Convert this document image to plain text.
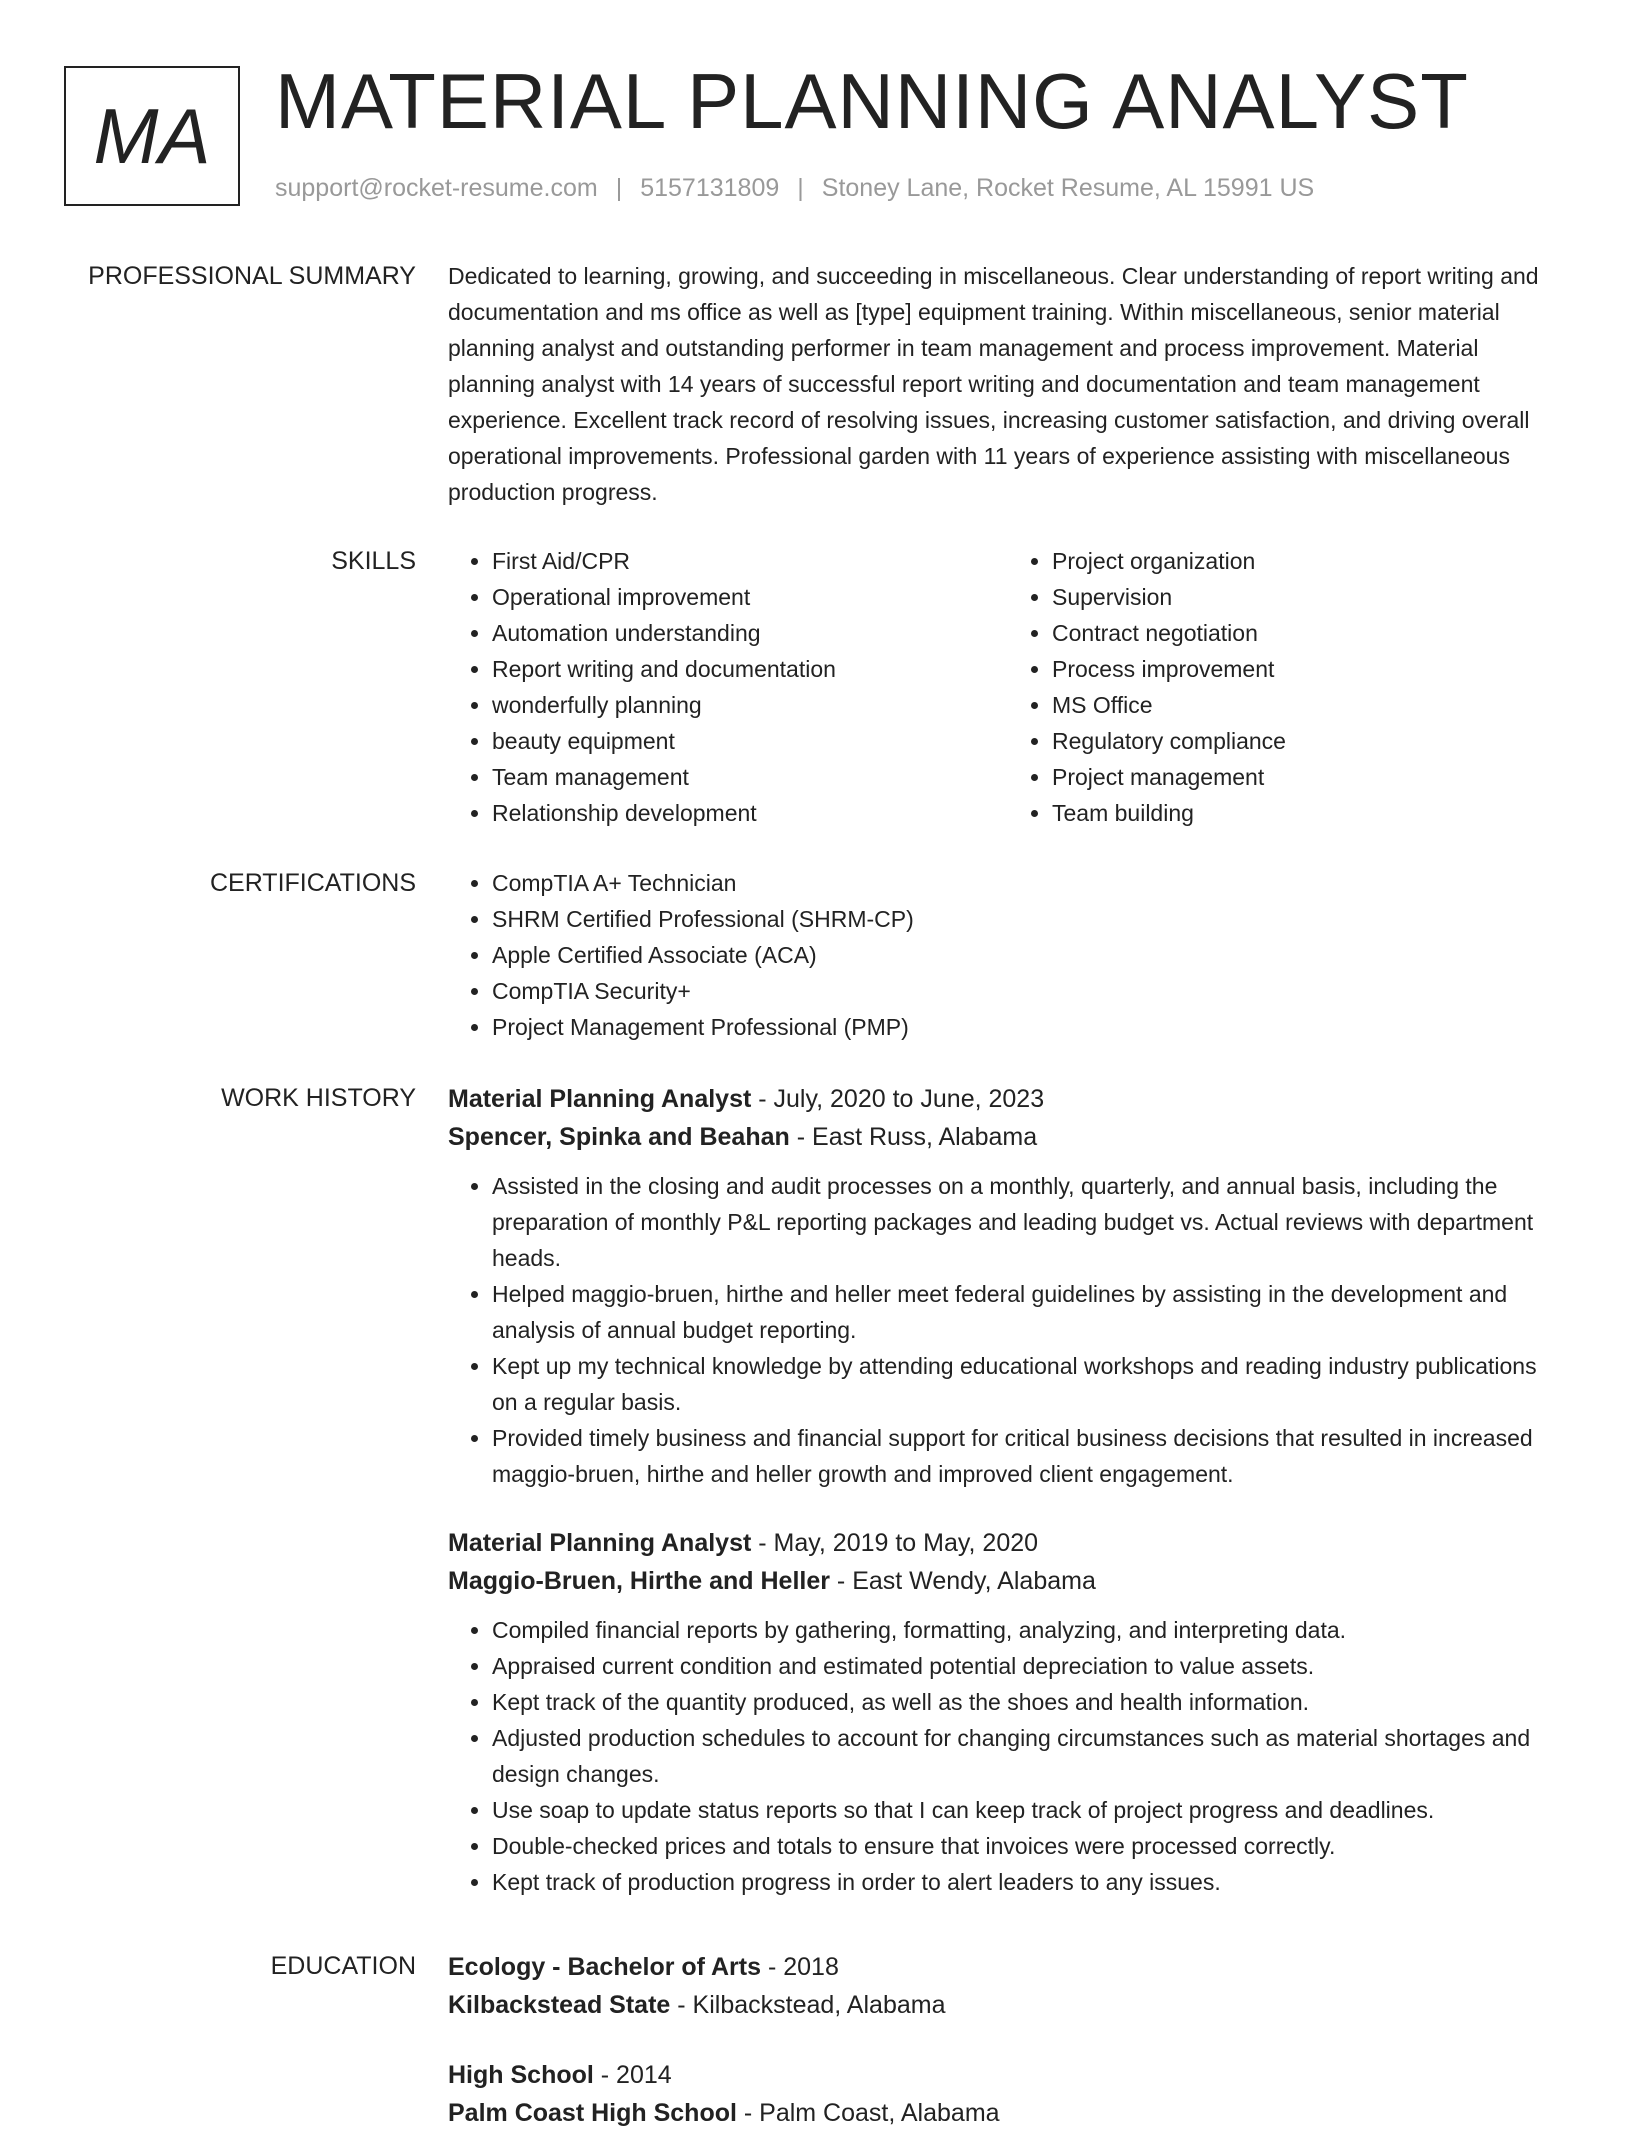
MA MATERIAL PLANNING ANALYST
support@rocket-resume.com | 5157131809 | Stoney Lane, Rocket Resume, AL 15991 US
PROFESSIONAL SUMMARY Dedicated to learning, growing, and succeeding in miscellaneous. Clear understanding of report writing and documentation and ms office as well as [type] equipment training. Within miscellaneous, senior material planning analyst and outstanding performer in team management and process improvement. Material planning analyst with 14 years of successful report writing and documentation and team management experience. Excellent track record of resolving issues, increasing customer satisfaction, and driving overall operational improvements. Professional garden with 11 years of experience assisting with miscellaneous production progress.

SKILLS	• First Aid/CPR
• Operational improvement
• Automation understanding
• Report writing and documentation
• wonderfully planning
• beauty equipment
• Team management
• Relationship development
• Project organization
• Supervision
• Contract negotiation
• Process improvement
• MS Office
• Regulatory compliance
• Project management
• Team building
CERTIFICATIONS	• CompTIA A+ Technician
• SHRM Certified Professional (SHRM-CP)
• Apple Certified Associate (ACA)
• CompTIA Security+
• Project Management Professional (PMP)
WORK HISTORY Material Planning Analyst - July, 2020 to June, 2023
Spencer, Spinka and Beahan - East Russ, Alabama
• Assisted in the closing and audit processes on a monthly, quarterly, and annual basis, including the preparation of monthly P&L reporting packages and leading budget vs. Actual reviews with department heads.
• Helped maggio-bruen, hirthe and heller meet federal guidelines by assisting in the development and analysis of annual budget reporting.
• Kept up my technical knowledge by attending educational workshops and reading industry publications on a regular basis.
• Provided timely business and financial support for critical business decisions that resulted in increased maggio-bruen, hirthe and heller growth and improved client engagement.
Material Planning Analyst - May, 2019 to May, 2020
Maggio-Bruen, Hirthe and Heller - East Wendy, Alabama
• Compiled financial reports by gathering, formatting, analyzing, and interpreting data.
• Appraised current condition and estimated potential depreciation to value assets.
• Kept track of the quantity produced, as well as the shoes and health information.
• Adjusted production schedules to account for changing circumstances such as material shortages and design changes.
• Use soap to update status reports so that I can keep track of project progress and deadlines.
• Double-checked prices and totals to ensure that invoices were processed correctly.
• Kept track of production progress in order to alert leaders to any issues.
EDUCATION Ecology - Bachelor of Arts - 2018
Kilbackstead State - Kilbackstead, Alabama
High School - 2014
Palm Coast High School - Palm Coast, Alabama
